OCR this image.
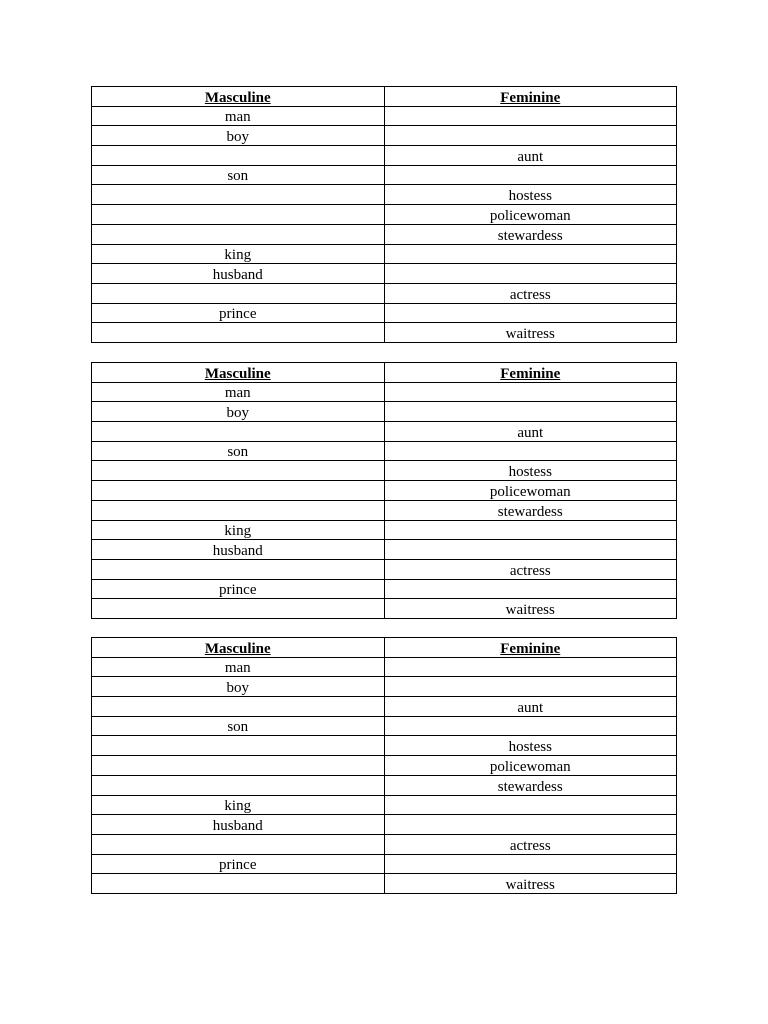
Masculine	Feminine
man	
boy	
	aunt
son	
	hostess
	policewoman
	stewardess
king	
husband	
	actress
prince	
	waitress
Masculine	Feminine
man	
boy	
	aunt
son	
	hostess
	policewoman
	stewardess
king	
husband	
	actress
prince	
	waitress
Masculine	Feminine
man	
boy	
	aunt
son	
	hostess
	policewoman
	stewardess
king	
husband	
	actress
prince	
	waitress
